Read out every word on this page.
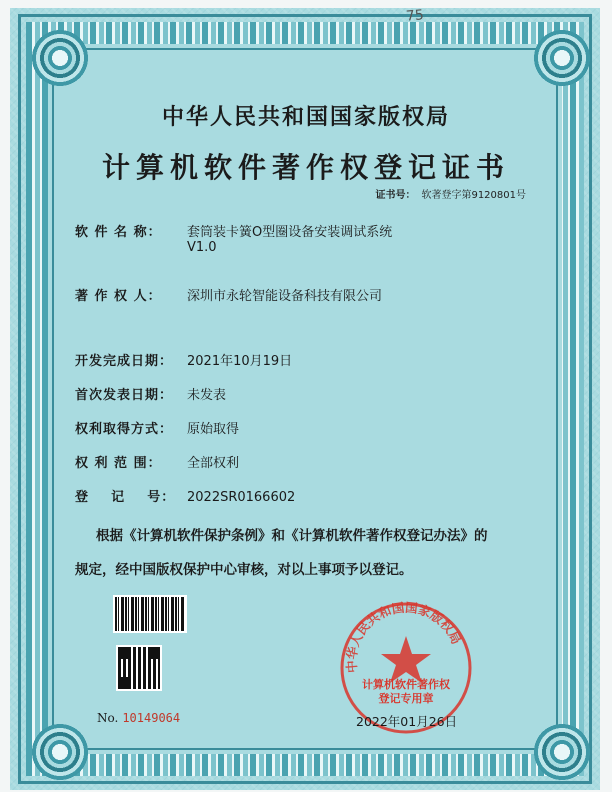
75
中华人民共和国国家版权局
计算机软件著作权登记证书
证书号： 软著登字第9120801号
软 件 名 称： 套筒装卡簧O型圈设备安装调试系统
V1.0
著 作 权 人： 深圳市永轮智能设备科技有限公司
开发完成日期： 2021年10月19日
首次发表日期： 未发表
权利取得方式： 原始取得
权 利 范 围： 全部权利
登    记    号： 2022SR0166602
根据《计算机软件保护条例》和《计算机软件著作权登记办法》的
规定，经中国版权保护中心审核，对以上事项予以登记。
No. 10149064
中华人民共和国国家版权局
计算机软件著作权
登记专用章
2022年01月26日
